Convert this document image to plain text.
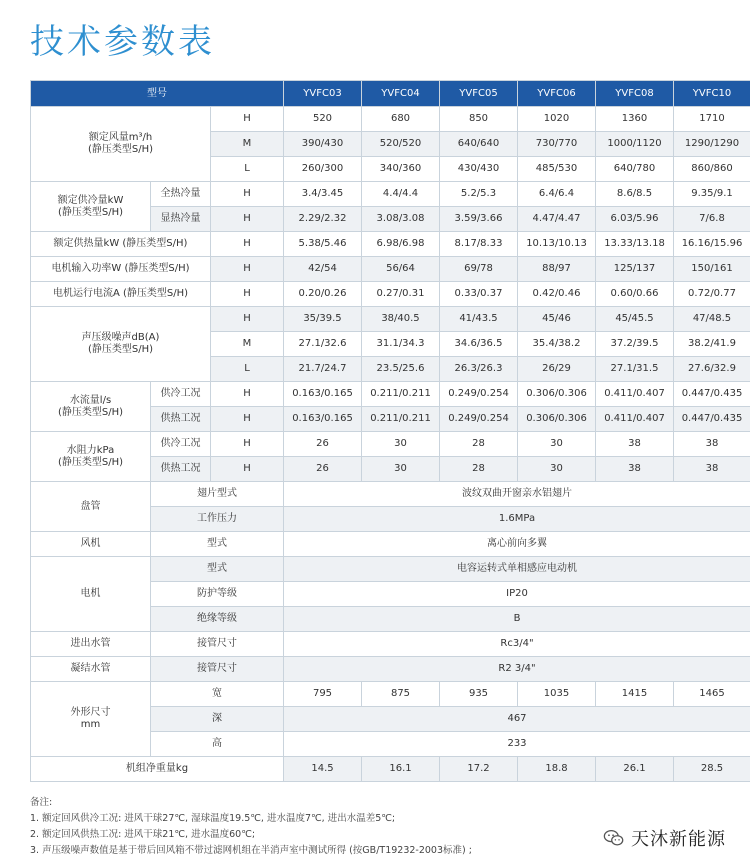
技术参数表
型号			YVFC03	YVFC04	YVFC05	YVFC06	YVFC08	YVFC10
额定风量m³/h
(静压类型S/H)		H	520	680	850	1020	1360	1710
		M	390/430	520/520	640/640	730/770	1000/1120	1290/1290
		L	260/300	340/360	430/430	485/530	640/780	860/860
额定供冷量kW
(静压类型S/H)	全热冷量	H	3.4/3.45	4.4/4.4	5.2/5.3	6.4/6.4	8.6/8.5	9.35/9.1
	显热冷量	H	2.29/2.32	3.08/3.08	3.59/3.66	4.47/4.47	6.03/5.96	7/6.8
额定供热量kW (静压类型S/H)		H	5.38/5.46	6.98/6.98	8.17/8.33	10.13/10.13	13.33/13.18	16.16/15.96
电机输入功率W (静压类型S/H)		H	42/54	56/64	69/78	88/97	125/137	150/161
电机运行电流A (静压类型S/H)		H	0.20/0.26	0.27/0.31	0.33/0.37	0.42/0.46	0.60/0.66	0.72/0.77
声压级噪声dB(A)
(静压类型S/H)		H	35/39.5	38/40.5	41/43.5	45/46	45/45.5	47/48.5
		M	27.1/32.6	31.1/34.3	34.6/36.5	35.4/38.2	37.2/39.5	38.2/41.9
		L	21.7/24.7	23.5/25.6	26.3/26.3	26/29	27.1/31.5	27.6/32.9
水流量l/s
(静压类型S/H)	供冷工况	H	0.163/0.165	0.211/0.211	0.249/0.254	0.306/0.306	0.411/0.407	0.447/0.435
	供热工况	H	0.163/0.165	0.211/0.211	0.249/0.254	0.306/0.306	0.411/0.407	0.447/0.435
水阻力kPa
(静压类型S/H)	供冷工况	H	26	30	28	30	38	38
	供热工况	H	26	30	28	30	38	38
盘管	翅片型式		波纹双曲开窗亲水铝翅片					
	工作压力		1.6MPa					
风机	型式		离心前向多翼					
电机	型式		电容运转式单相感应电动机					
	防护等级		IP20					
	绝缘等级		B					
进出水管	接管尺寸		Rc3/4"					
凝结水管	接管尺寸		R2 3/4"					
外形尺寸
mm	宽		795	875	935	1035	1415	1465
	深		467					
	高		233					
机组净重量kg			14.5	16.1	17.2	18.8	26.1	28.5
备注:
1. 额定回风供冷工况: 进风干球27℃, 湿球温度19.5℃, 进水温度7℃, 进出水温差5℃;
2. 额定回风供热工况: 进风干球21℃, 进水温度60℃;
3. 声压级噪声数值是基于带后回风箱不带过滤网机组在半消声室中测试所得 (按GB/T19232-2003标准) ;
天沐新能源
